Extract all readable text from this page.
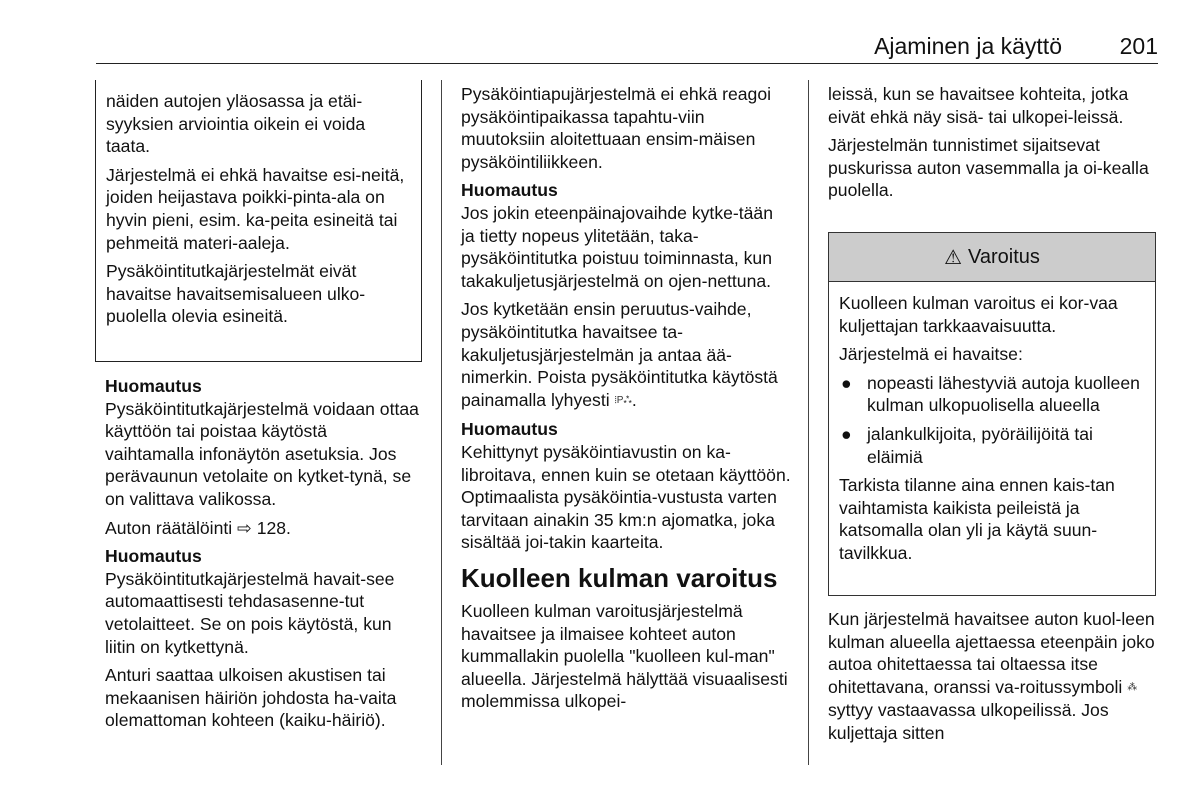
Ajaminen ja käyttö	201

näiden autojen yläosassa ja etäi-syyksien arviointia oikein ei voida taata.

Järjestelmä ei ehkä havaitse esi-neitä, joiden heijastava poikki-pinta-ala on hyvin pieni, esim. ka-peita esineitä tai pehmeitä materi-aaleja.

Pysäköintitutkajärjestelmät eivät havaitse havaitsemisalueen ulko-puolella olevia esineitä.

Huomautus

Pysäköintitutkajärjestelmä voidaan ottaa käyttöön tai poistaa käytöstä vaihtamalla infonäytön asetuksia. Jos perävaunun vetolaite on kytket-tynä, se on valittava valikossa.

Auton räätälöinti ⇨ 128.

Huomautus

Pysäköintitutkajärjestelmä havait-see automaattisesti tehdasasenne-tut vetolaitteet. Se on pois käytöstä, kun liitin on kytkettynä.

Anturi saattaa ulkoisen akustisen tai mekaanisen häiriön johdosta ha-vaita olemattoman kohteen (kaiku-häiriö).

Pysäköintiapujärjestelmä ei ehkä reagoi pysäköintipaikassa tapahtu-viin muutoksiin aloitettuaan ensim-mäisen pysäköintiliikkeen.

Huomautus

Jos jokin eteenpäinajovaihde kytke-tään ja tietty nopeus ylitetään, taka-pysäköintitutka poistuu toiminnasta, kun takakuljetusjärjestelmä on ojen-nettuna.

Jos kytketään ensin peruutus-vaihde, pysäköintitutka havaitsee ta-kakuljetusjärjestelmän ja antaa ää-nimerkin. Poista pysäköintitutka käytöstä painamalla lyhyesti ⦙P⁂.

Huomautus

Kehittynyt pysäköintiavustin on ka-libroitava, ennen kuin se otetaan käyttöön. Optimaalista pysäköintia-vustusta varten tarvitaan ainakin 35 km:n ajomatka, joka sisältää joi-takin kaarteita.

Kuolleen kulman varoitus

Kuolleen kulman varoitusjärjestelmä havaitsee ja ilmaisee kohteet auton kummallakin puolella "kuolleen kul-man" alueella. Järjestelmä hälyttää visuaalisesti molemmissa ulkopei-

leissä, kun se havaitsee kohteita, jotka eivät ehkä näy sisä- tai ulkopei-leissä.

Järjestelmän tunnistimet sijaitsevat puskurissa auton vasemmalla ja oi-kealla puolella.

⚠ Varoitus

Kuolleen kulman varoitus ei kor-vaa kuljettajan tarkkaavaisuutta.

Järjestelmä ei havaitse:

● nopeasti lähestyviä autoja kuolleen kulman ulkopuolisella alueella
● jalankulkijoita, pyöräilijöitä tai eläimiä

Tarkista tilanne aina ennen kais-tan vaihtamista kaikista peileistä ja katsomalla olan yli ja käytä suun-tavilkkua.

Kun järjestelmä havaitsee auton kuol-leen kulman alueella ajettaessa eteenpäin joko autoa ohitettaessa tai oltaessa itse ohitettavana, oranssi va-roitussymboli ⁂ syttyy vastaavassa ulkopeilissä. Jos kuljettaja sitten
